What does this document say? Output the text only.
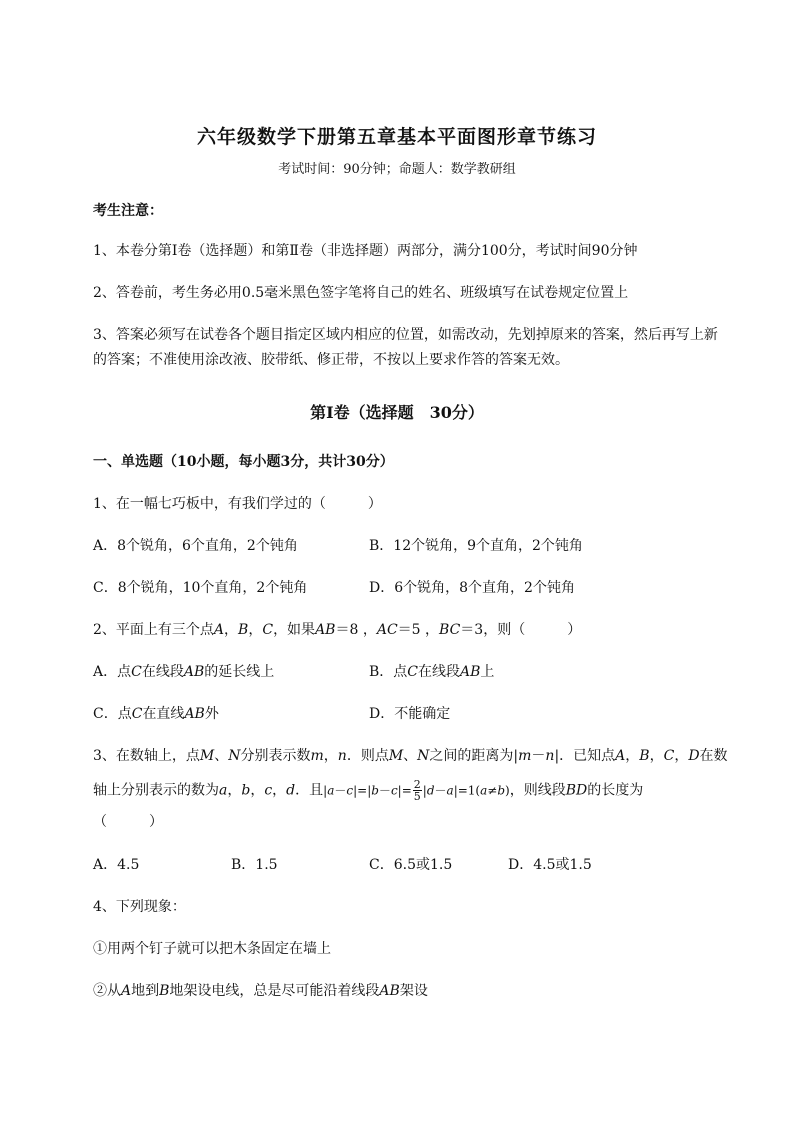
六年级数学下册第五章基本平面图形章节练习
考试时间：90分钟；命题人：数学教研组
考生注意：
1、本卷分第I卷（选择题）和第Ⅱ卷（非选择题）两部分，满分100分，考试时间90分钟
2、答卷前，考生务必用0.5毫米黑色签字笔将自己的姓名、班级填写在试卷规定位置上
3、答案必须写在试卷各个题目指定区域内相应的位置，如需改动，先划掉原来的答案，然后再写上新
的答案；不准使用涂改液、胶带纸、修正带，不按以上要求作答的答案无效。
第I卷（选择题　30分）
一、单选题（10小题，每小题3分，共计30分）
1、在一幅七巧板中，有我们学过的（　　　）
A．8个锐角，6个直角，2个钝角	B．12个锐角，9个直角，2个钝角
C．8个锐角，10个直角，2个钝角	D．6个锐角，8个直角，2个钝角
2、平面上有三个点A，B，C，如果AB＝8 ，AC＝5 ，BC＝3，则（　　　）
A．点C在线段AB的延长线上	B．点C在线段AB上
C．点C在直线AB外	D．不能确定
3、在数轴上，点M、N分别表示数m，n．则点M、N之间的距离为|m－n|．已知点A，B，C，D在数
轴上分别表示的数为a，b，c，d．且$|a-c|=|b-c|= \frac{2}{5} |d-a|=1(a\ne b)$，则线段BD的长度为
（　　　）
A．4.5	B．1.5	C．6.5或1.5	D．4.5或1.5
4、下列现象：
①用两个钉子就可以把木条固定在墙上
②从A地到B地架设电线，总是尽可能沿着线段AB架设
